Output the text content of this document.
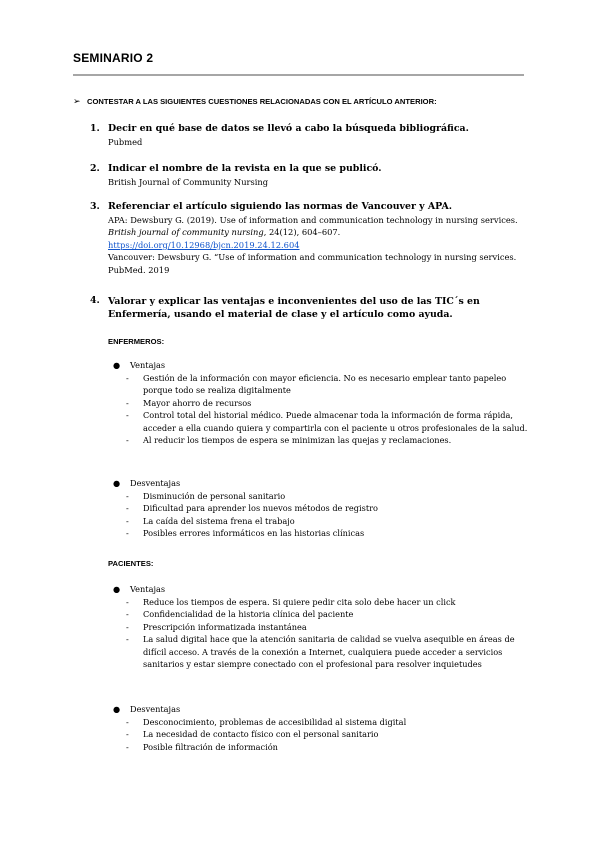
SEMINARIO 2
➢ CONTESTAR A LAS SIGUIENTES CUESTIONES RELACIONADAS CON EL ARTÍCULO ANTERIOR:
1. Decir en qué base de datos se llevó a cabo la búsqueda bibliográfica.
Pubmed
2. Indicar el nombre de la revista en la que se publicó.
British Journal of Community Nursing
3. Referenciar el artículo siguiendo las normas de Vancouver y APA.
APA: Dewsbury G. (2019). Use of information and communication technology in nursing services. British journal of community nursing, 24(12), 604–607.
https://doi.org/10.12968/bjcn.2019.24.12.604
Vancouver: Dewsbury G. “Use of information and communication technology in nursing services. PubMed. 2019
4. Valorar y explicar las ventajas e inconvenientes del uso de las TIC´s en Enfermería, usando el material de clase y el artículo como ayuda.
ENFERMEROS:
● Ventajas
- Gestión de la información con mayor eficiencia. No es necesario emplear tanto papeleo porque todo se realiza digitalmente
- Mayor ahorro de recursos
- Control total del historial médico. Puede almacenar toda la información de forma rápida, acceder a ella cuando quiera y compartirla con el paciente u otros profesionales de la salud.
- Al reducir los tiempos de espera se minimizan las quejas y reclamaciones.
● Desventajas
- Disminución de personal sanitario
- Dificultad para aprender los nuevos métodos de registro
- La caída del sistema frena el trabajo
- Posibles errores informáticos en las historias clínicas
PACIENTES:
● Ventajas
- Reduce los tiempos de espera. Si quiere pedir cita solo debe hacer un click
- Confidencialidad de la historia clínica del paciente
- Prescripción informatizada instantánea
- La salud digital hace que la atención sanitaria de calidad se vuelva asequible en áreas de difícil acceso. A través de la conexión a Internet, cualquiera puede acceder a servicios sanitarios y estar siempre conectado con el profesional para resolver inquietudes
● Desventajas
- Desconocimiento, problemas de accesibilidad al sistema digital
- La necesidad de contacto físico con el personal sanitario
- Posible filtración de información
